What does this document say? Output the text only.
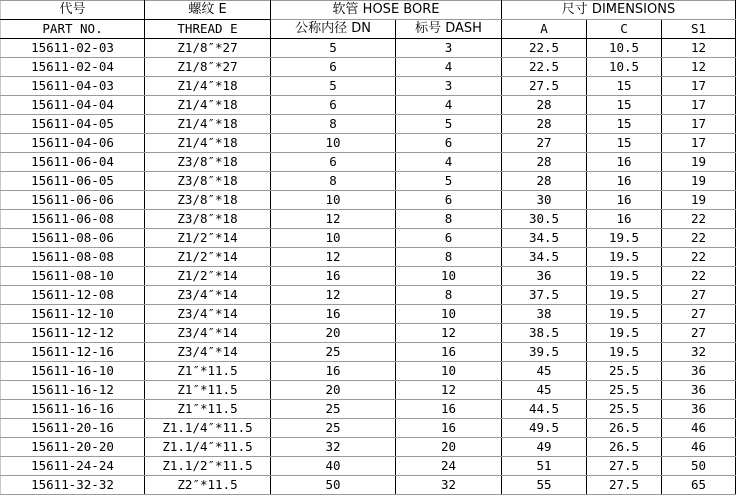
代号	螺纹 E	软管 HOSE BORE		尺寸 DIMENSIONS		
PART NO.	THREAD E	公称内径 DN	标号 DASH	A	C	S1
15611-02-03	Z1/8″*27	5	3	22.5	10.5	12
15611-02-04	Z1/8″*27	6	4	22.5	10.5	12
15611-04-03	Z1/4″*18	5	3	27.5	15	17
15611-04-04	Z1/4″*18	6	4	28	15	17
15611-04-05	Z1/4″*18	8	5	28	15	17
15611-04-06	Z1/4″*18	10	6	27	15	17
15611-06-04	Z3/8″*18	6	4	28	16	19
15611-06-05	Z3/8″*18	8	5	28	16	19
15611-06-06	Z3/8″*18	10	6	30	16	19
15611-06-08	Z3/8″*18	12	8	30.5	16	22
15611-08-06	Z1/2″*14	10	6	34.5	19.5	22
15611-08-08	Z1/2″*14	12	8	34.5	19.5	22
15611-08-10	Z1/2″*14	16	10	36	19.5	22
15611-12-08	Z3/4″*14	12	8	37.5	19.5	27
15611-12-10	Z3/4″*14	16	10	38	19.5	27
15611-12-12	Z3/4″*14	20	12	38.5	19.5	27
15611-12-16	Z3/4″*14	25	16	39.5	19.5	32
15611-16-10	Z1″*11.5	16	10	45	25.5	36
15611-16-12	Z1″*11.5	20	12	45	25.5	36
15611-16-16	Z1″*11.5	25	16	44.5	25.5	36
15611-20-16	Z1.1/4″*11.5	25	16	49.5	26.5	46
15611-20-20	Z1.1/4″*11.5	32	20	49	26.5	46
15611-24-24	Z1.1/2″*11.5	40	24	51	27.5	50
15611-32-32	Z2″*11.5	50	32	55	27.5	65
